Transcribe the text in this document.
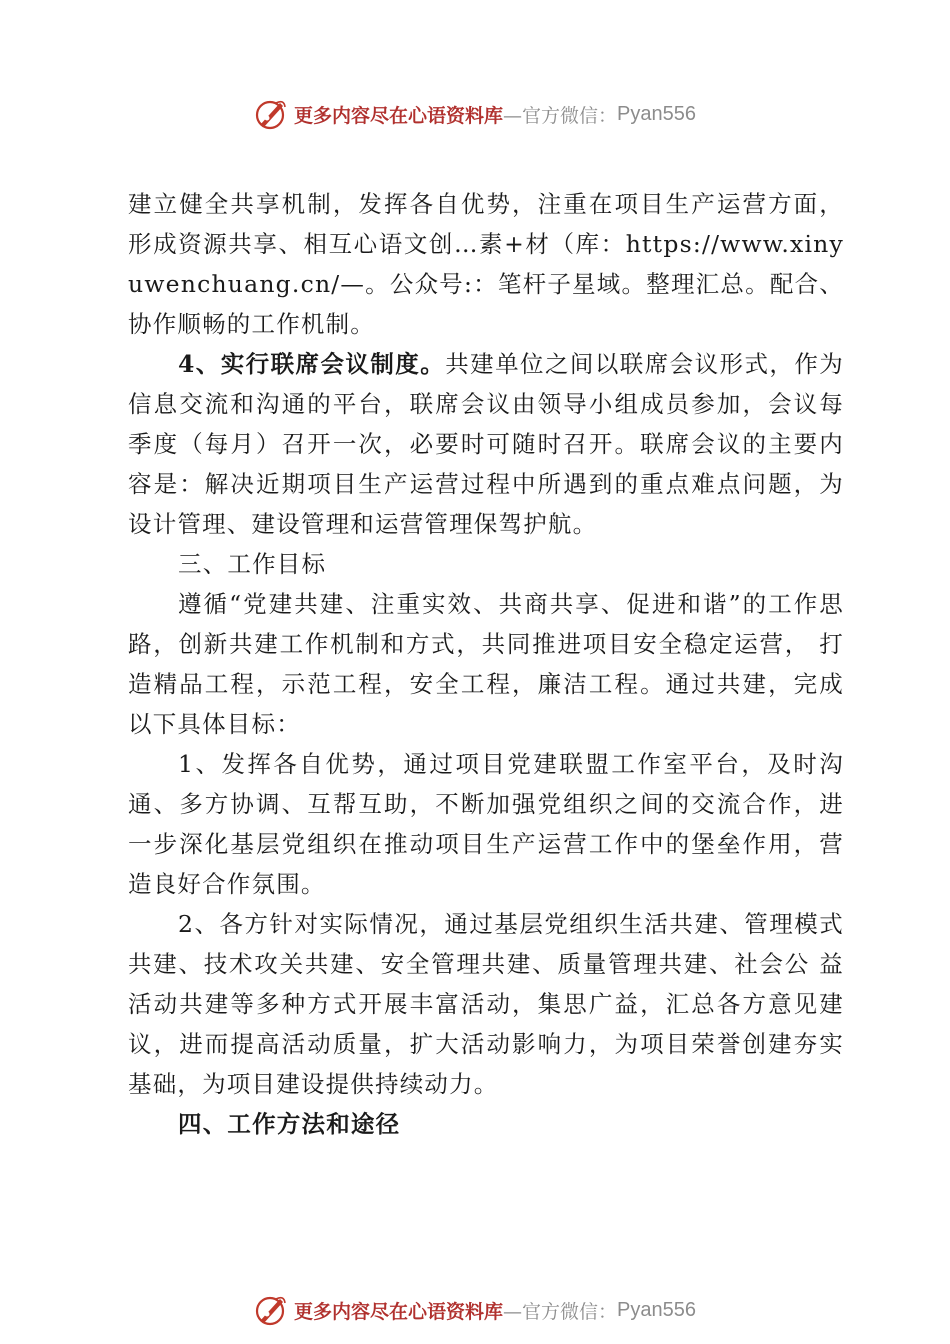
更多内容尽在心语资料库 —官方微信： Pyan556

建立健全共享机制，发挥各自优势，注重在项目生产运营方面，形成资源共享、相互心语文创…素+材（库：https://www.xinyuwenchuang.cn/—。公众号:：笔杆子星域。整理汇总。配合、协作顺畅的工作机制。

4、实行联席会议制度。共建单位之间以联席会议形式，作为信息交流和沟通的平台，联席会议由领导小组成员参加，会议每季度（每月）召开一次，必要时可随时召开。联席会议的主要内容是：解决近期项目生产运营过程中所遇到的重点难点问题，为设计管理、建设管理和运营管理保驾护航。

三、工作目标

遵循“党建共建、注重实效、共商共享、促进和谐”的工作思路，创新共建工作机制和方式，共同推进项目安全稳定运营， 打造精品工程，示范工程，安全工程，廉洁工程。通过共建，完成以下具体目标：

1、发挥各自优势，通过项目党建联盟工作室平台，及时沟通、多方协调、互帮互助，不断加强党组织之间的交流合作，进 一步深化基层党组织在推动项目生产运营工作中的堡垒作用，营造良好合作氛围。

2、各方针对实际情况，通过基层党组织生活共建、管理模式共建、技术攻关共建、安全管理共建、质量管理共建、社会公 益活动共建等多种方式开展丰富活动，集思广益，汇总各方意见建议，进而提高活动质量，扩大活动影响力，为项目荣誉创建夯实基础，为项目建设提供持续动力。

四、工作方法和途径

更多内容尽在心语资料库 —官方微信： Pyan556
